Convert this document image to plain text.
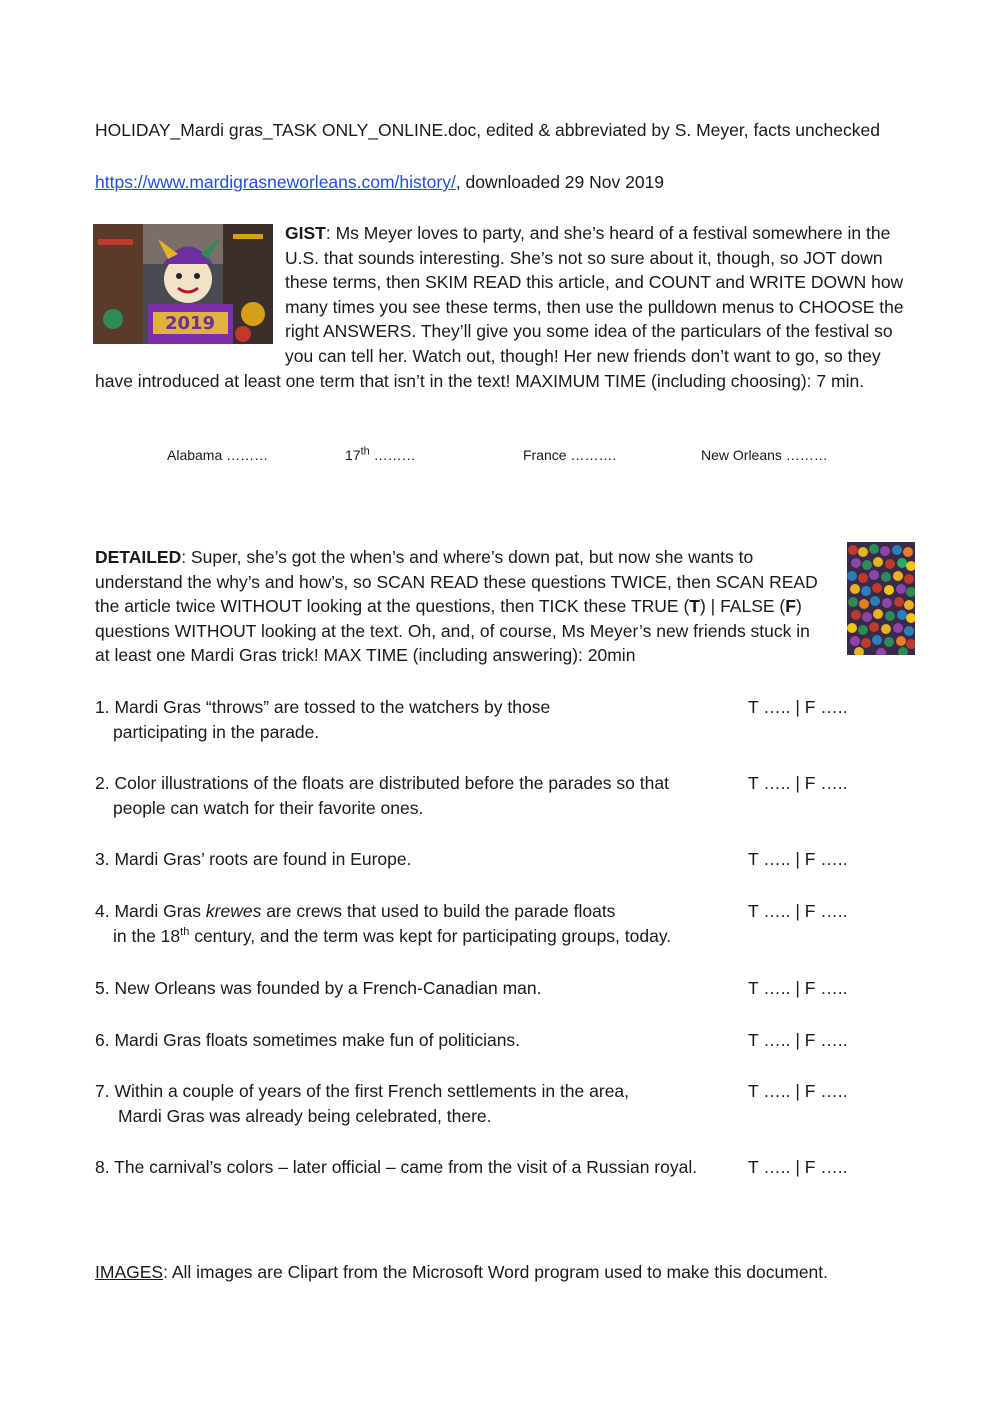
HOLIDAY_Mardi gras_TASK ONLY_ONLINE.doc, edited & abbreviated by S. Meyer, facts unchecked
https://www.mardigrasneworleans.com/history/, downloaded 29 Nov 2019
2019
GIST: Ms Meyer loves to party, and she’s heard of a festival somewhere in the U.S. that sounds interesting. She’s not so sure about it, though, so JOT down these terms, then SKIM READ this article, and COUNT and WRITE DOWN how many times you see these terms, then use the pulldown menus to CHOOSE the right ANSWERS. They’ll give you some idea of the particulars of the festival so you can tell her. Watch out, though! Her new friends don’t want to go, so they have introduced at least one term that isn’t in the text! MAXIMUM TIME (including choosing): 7 min.
Alabama ………	17th ………	France ……….	New Orleans ………
DETAILED: Super, she’s got the when’s and where’s down pat, but now she wants to understand the why’s and how’s, so SCAN READ these questions TWICE, then SCAN READ the article twice WITHOUT looking at the questions, then TICK these TRUE (T) | FALSE (F) questions WITHOUT looking at the text. Oh, and, of course, Ms Meyer’s new friends stuck in at least one Mardi Gras trick! MAX TIME (including answering): 20min
1. Mardi Gras “throws” are tossed to the watchers by those
participating in the parade.
T ….. | F …..
2. Color illustrations of the floats are distributed before the parades so that
people can watch for their favorite ones.
T ….. | F …..
3. Mardi Gras’ roots are found in Europe.	T ….. | F …..
4. Mardi Gras krewes are crews that used to build the parade floats
in the 18th century, and the term was kept for participating groups, today.
T ….. | F …..
5. New Orleans was founded by a French-Canadian man.	T ….. | F …..
6. Mardi Gras floats sometimes make fun of politicians.	T ….. | F …..
7. Within a couple of years of the first French settlements in the area,
Mardi Gras was already being celebrated, there.
T ….. | F …..
8. The carnival’s colors – later official – came from the visit of a Russian royal.	T ….. | F …..
IMAGES: All images are Clipart from the Microsoft Word program used to make this document.
